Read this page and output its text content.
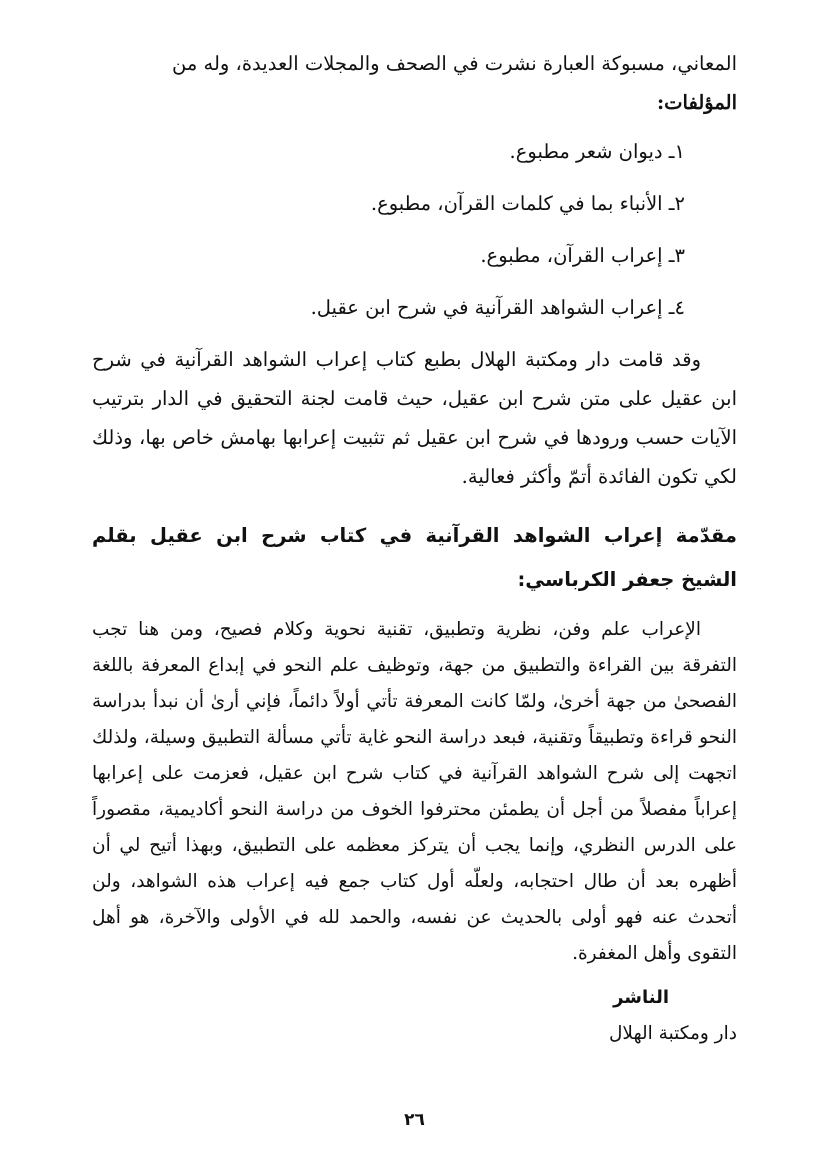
المعاني، مسبوكة العبارة نشرت في الصحف والمجلات العديدة، وله من
المؤلفات:

١ـ ديوان شعر مطبوع.
٢ـ الأنباء بما في كلمات القرآن، مطبوع.
٣ـ إعراب القرآن، مطبوع.
٤ـ إعراب الشواهد القرآنية في شرح ابن عقيل.

وقد قامت دار ومكتبة الهلال بطبع كتاب إعراب الشواهد القرآنية في شرح ابن عقيل على متن شرح ابن عقيل، حيث قامت لجنة التحقيق في الدار بترتيب الآيات حسب ورودها في شرح ابن عقيل ثم تثبيت إعرابها بهامش خاص بها، وذلك لكي تكون الفائدة أتمّ وأكثر فعالية.

مقدّمة إعراب الشواهد القرآنية في كتاب شرح ابن عقيل بقلم الشيخ جعفر الكرباسي:

الإعراب علم وفن، نظرية وتطبيق، تقنية نحوية وكلام فصيح، ومن هنا تجب التفرقة بين القراءة والتطبيق من جهة، وتوظيف علم النحو في إبداع المعرفة باللغة الفصحىٰ من جهة أخرىٰ، ولمّا كانت المعرفة تأتي أولاً دائماً، فإني أرىٰ أن نبدأ بدراسة النحو قراءة وتطبيقاً وتقنية، فبعد دراسة النحو غاية تأتي مسألة التطبيق وسيلة، ولذلك اتجهت إلى شرح الشواهد القرآنية في كتاب شرح ابن عقيل، فعزمت على إعرابها إعراباً مفصلاً من أجل أن يطمئن محترفوا الخوف من دراسة النحو أكاديمية، مقصوراً على الدرس النظري، وإنما يجب أن يتركز معظمه على التطبيق، وبهذا أتيح لي أن أظهره بعد أن طال احتجابه، ولعلّه أول كتاب جمع فيه إعراب هذه الشواهد، ولن أتحدث عنه فهو أولى بالحديث عن نفسه، والحمد لله في الأولى والآخرة، هو أهل التقوى وأهل المغفرة.

الناشر

دار ومكتبة الهلال

٢٦
